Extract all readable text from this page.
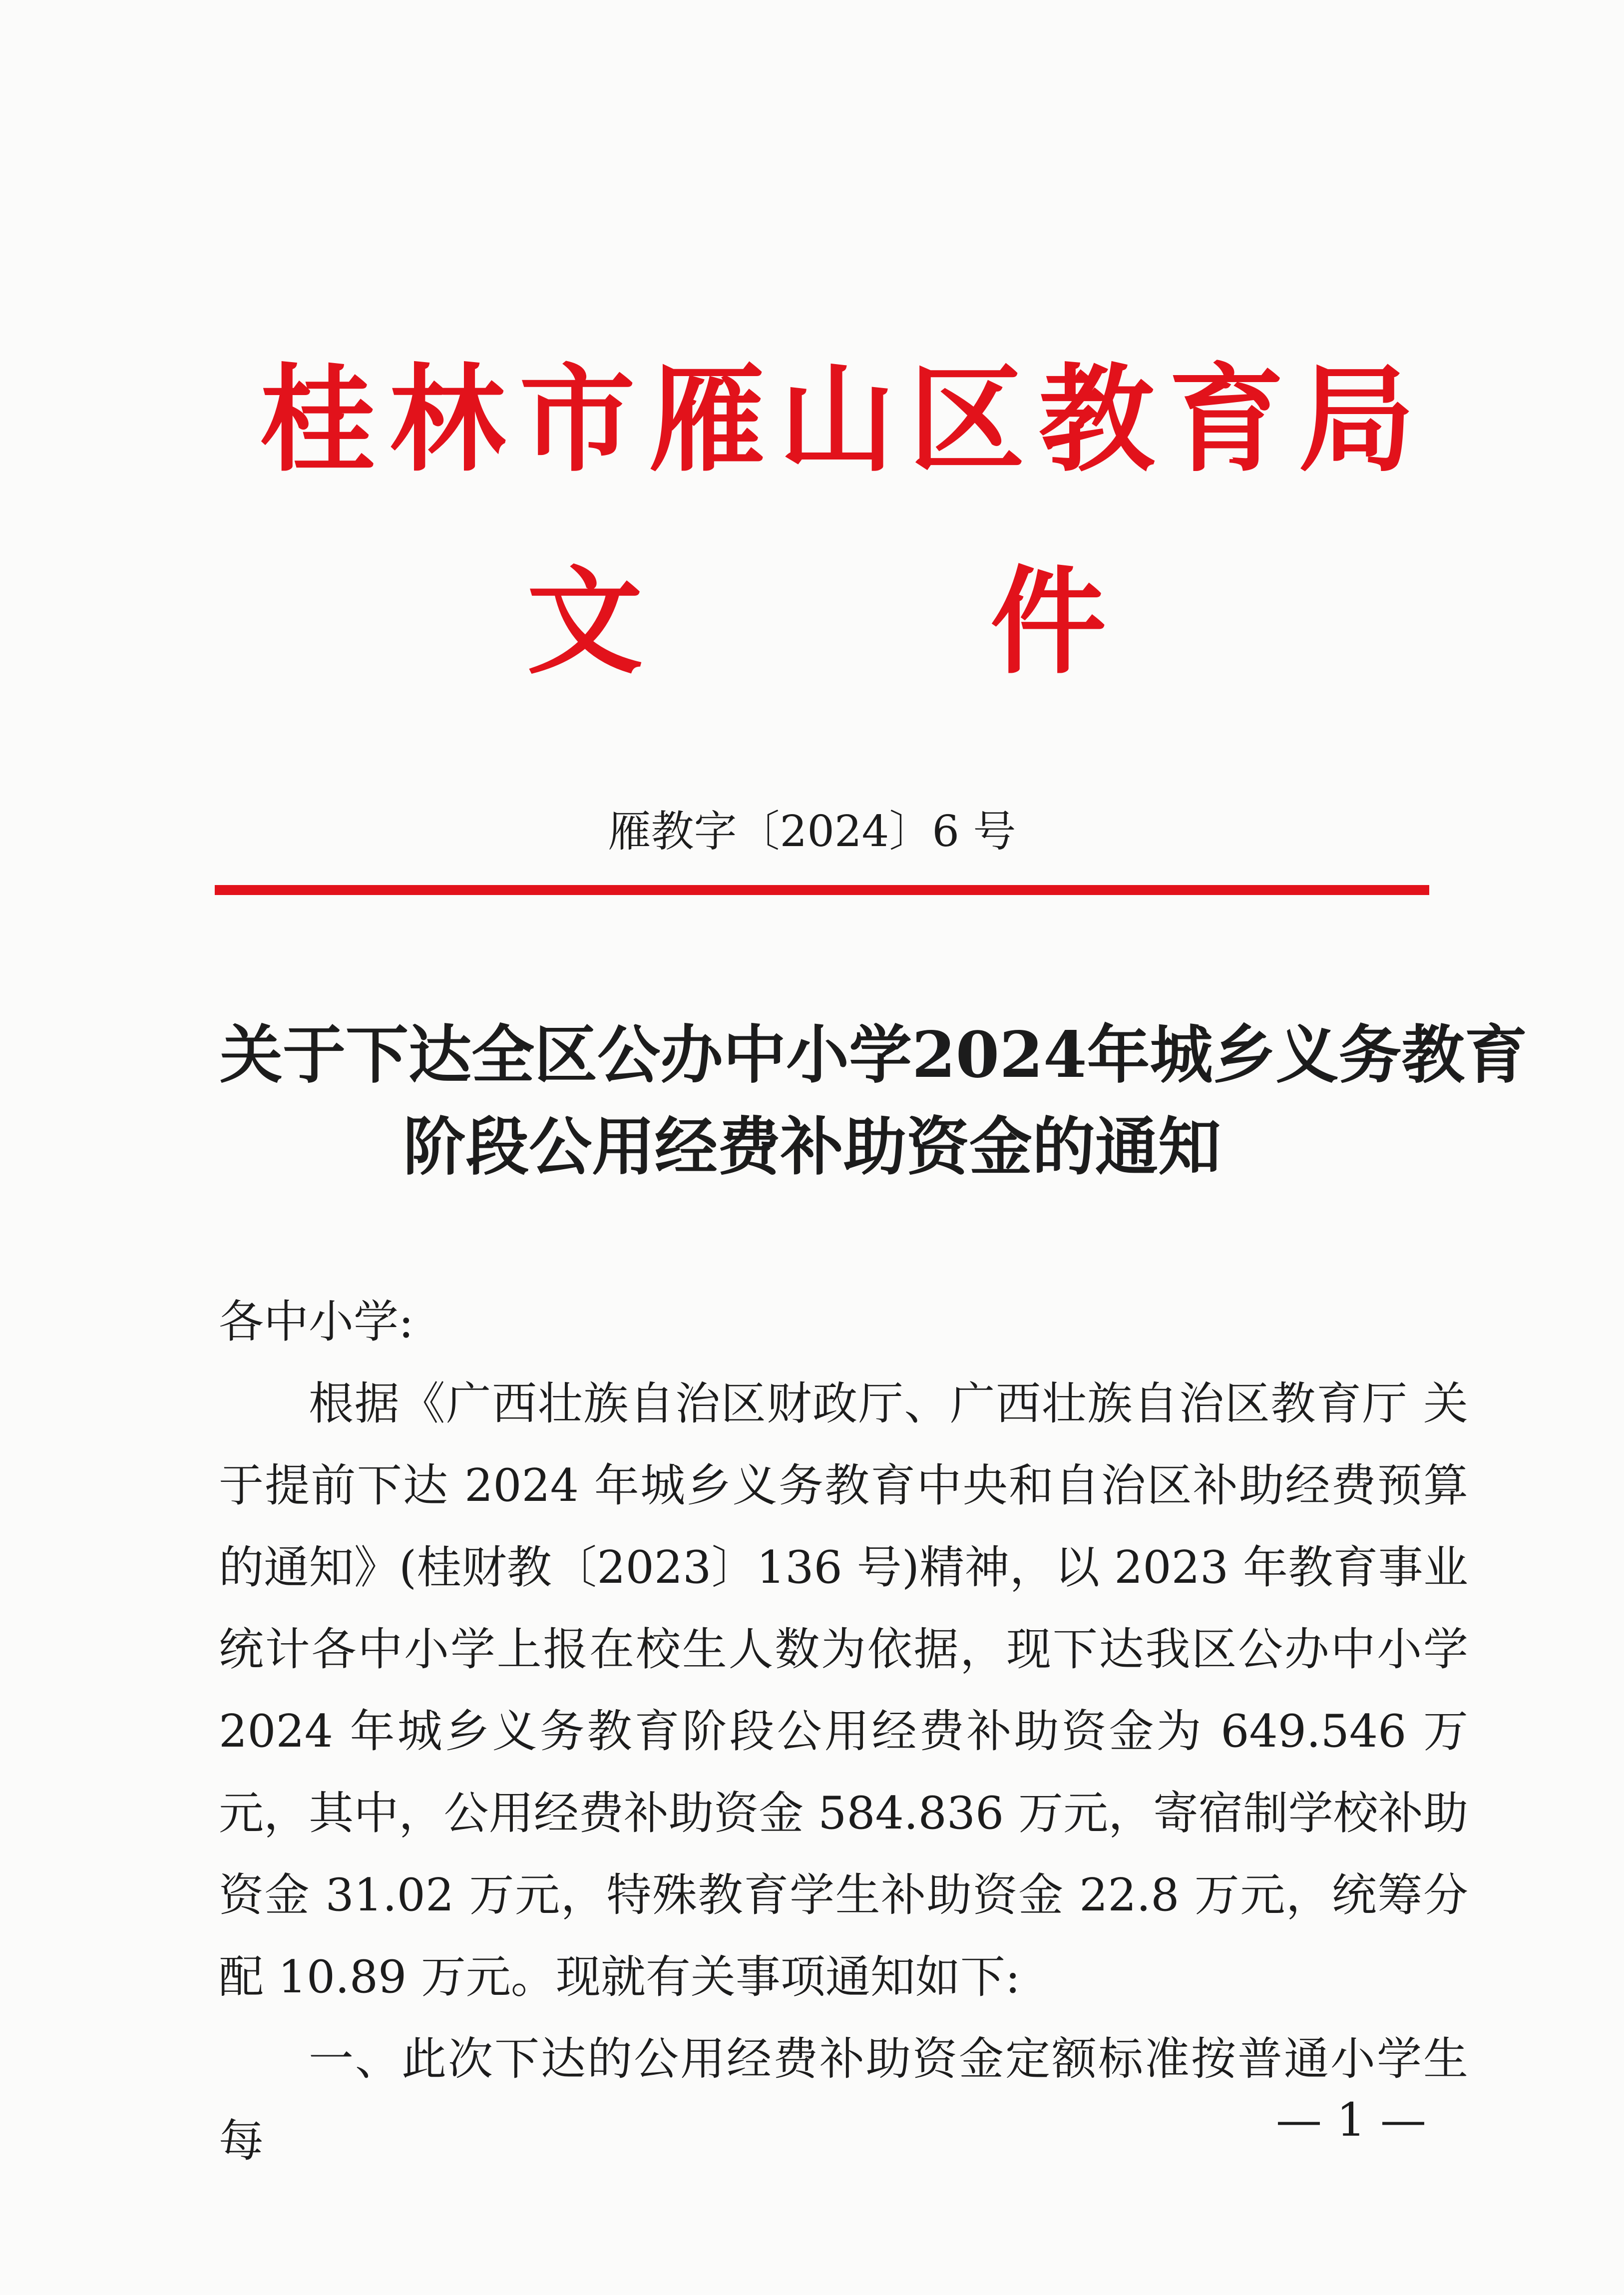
桂林市雁山区教育局
文	件
雁教字〔2024〕6 号
关于下达全区公办中小学2024年城乡义务教育
阶段公用经费补助资金的通知

各中小学:

根据《广西壮族自治区财政厅、广西壮族自治区教育厅 关于提前下达 2024 年城乡义务教育中央和自治区补助经费预算的通知》(桂财教〔2023〕136 号)精神，以 2023 年教育事业统计各中小学上报在校生人数为依据，现下达我区公办中小学 2024 年城乡义务教育阶段公用经费补助资金为 649.546 万元，其中，公用经费补助资金 584.836 万元，寄宿制学校补助资金 31.02 万元，特殊教育学生补助资金 22.8 万元，统筹分配 10.89 万元。现就有关事项通知如下:

一、此次下达的公用经费补助资金定额标准按普通小学生每	— 1 —
